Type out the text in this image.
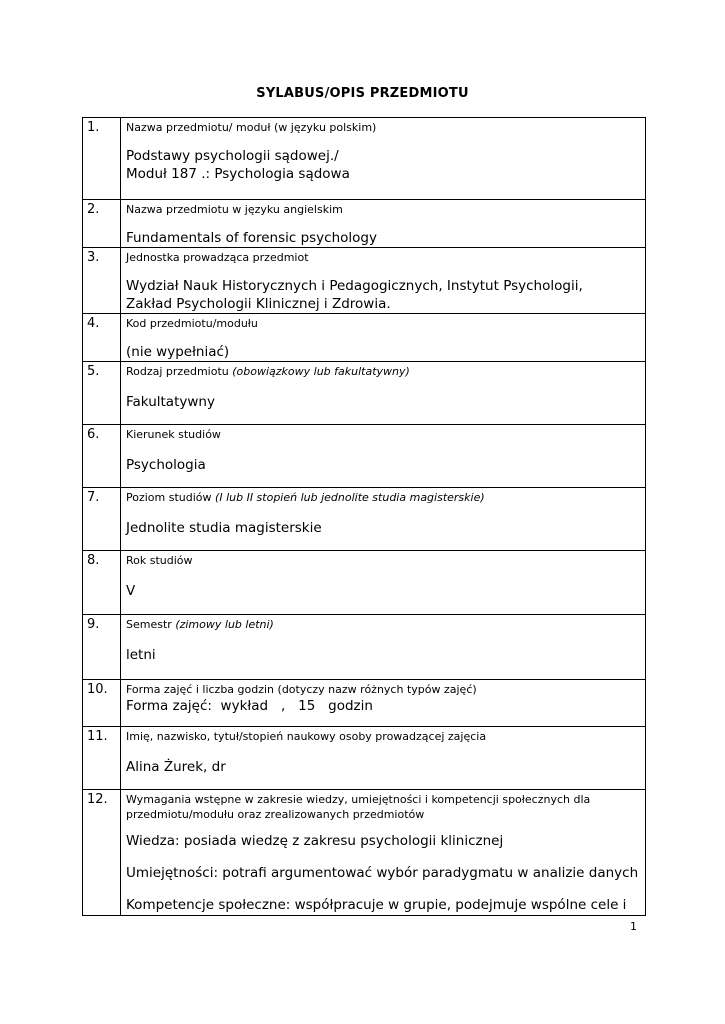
SYLABUS/OPIS PRZEDMIOTU
1.	Nazwa przedmiotu/ moduł (w języku polskim)
Podstawy psychologii sądowej./
Moduł 187 .: Psychologia sądowa

2.	Nazwa przedmiotu w języku angielskim
Fundamentals of forensic psychology

3.	Jednostka prowadząca przedmiot
Wydział Nauk Historycznych i Pedagogicznych, Instytut Psychologii,
Zakład Psychologii Klinicznej i Zdrowia.

4.	Kod przedmiotu/modułu
(nie wypełniać)

5.	Rodzaj przedmiotu (obowiązkowy lub fakultatywny)
Fakultatywny

6.	Kierunek studiów
Psychologia

7.	Poziom studiów (I lub II stopień lub jednolite studia magisterskie)
Jednolite studia magisterskie

8.	Rok studiów
V

9.	Semestr (zimowy lub letni)
letni

10.	Forma zajęć i liczba godzin (dotyczy nazw różnych typów zajęć)
Forma zajęć:  wykład   ,   15   godzin

11.	Imię, nazwisko, tytuł/stopień naukowy osoby prowadzącej zajęcia
Alina Żurek, dr

12.	Wymagania wstępne w zakresie wiedzy, umiejętności i kompetencji społecznych dla przedmiotu/modułu oraz zrealizowanych przedmiotów
Wiedza: posiada wiedzę z zakresu psychologii klinicznej
Umiejętności: potrafi argumentować wybór paradygmatu w analizie danych
Kompetencje społeczne: współpracuje w grupie, podejmuje wspólne cele i
1
